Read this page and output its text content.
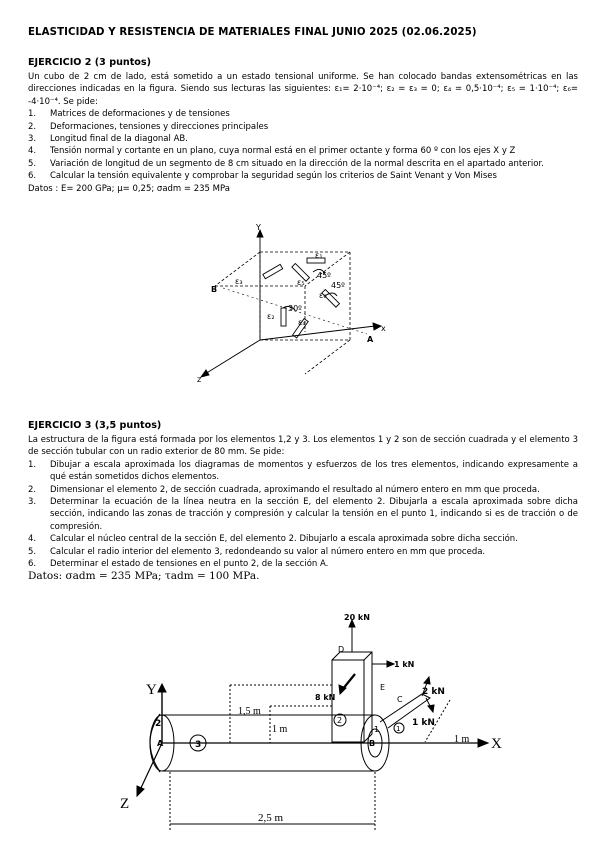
ELASTICIDAD Y RESISTENCIA DE MATERIALES FINAL JUNIO 2025 (02.06.2025)
EJERCICIO 2 (3 puntos)

Un cubo de 2 cm de lado, está sometido a un estado tensional uniforme. Se han colocado bandas extensométricas en las direcciones indicadas en la figura. Siendo sus lecturas las siguientes: ε₁= 2·10⁻⁴; ε₂ = ε₃ = 0; ε₄ = 0,5·10⁻⁴; ε₅ = 1·10⁻⁴; ε₆= -4·10⁻⁴. Se pide:

1. Matrices de deformaciones y de tensiones
2. Deformaciones, tensiones y direcciones principales
3. Longitud final de la diagonal AB.
4. Tensión normal y cortante en un plano, cuya normal está en el primer octante y forma 60 º con los ejes X y Z
5. Variación de longitud de un segmento de 8 cm situado en la dirección de la normal descrita en el apartado anterior.
6. Calcular la tensión equivalente y comprobar la seguridad según los criterios de Saint Venant y Von Mises
Datos : E= 200 GPa; μ= 0,25; σadm = 235 MPa
Y
x
z
A
B
ε₁
ε₂
ε₃
ε₄
ε₅
ε₆
45º
45º
30º
EJERCICIO 3 (3,5 puntos)

La estructura de la figura está formada por los elementos 1,2 y 3. Los elementos 1 y 2 son de sección cuadrada y el elemento 3 de sección tubular con un radio exterior de 80 mm. Se pide:

1. Dibujar a escala aproximada los diagramas de momentos y esfuerzos de los tres elementos, indicando expresamente a qué están sometidos dichos elementos.
2. Dimensionar el elemento 2, de sección cuadrada, aproximando el resultado al número entero en mm que proceda.
3. Determinar la ecuación de la línea neutra en la sección E, del elemento 2. Dibujarla a escala aproximada sobre dicha sección, indicando las zonas de tracción y compresión y calcular la tensión en el punto 1, indicando si es de tracción o de compresión.
4. Calcular el núcleo central de la sección E, del elemento 2. Dibujarlo a escala aproximada sobre dicha sección.
5. Calcular el radio interior del elemento 3, redondeando su valor al número entero en mm que proceda.
6. Determinar el estado de tensiones en el punto 2, de la sección A.
Datos: σadm = 235 MPa; τadm = 100 MPa.
20 kN
1 kN
8 kN
2 kN
1 kN
D
E
C
B
A
1
2	1
2
3
1,5 m
1 m
1 m
2,5 m
Y
X
Z
